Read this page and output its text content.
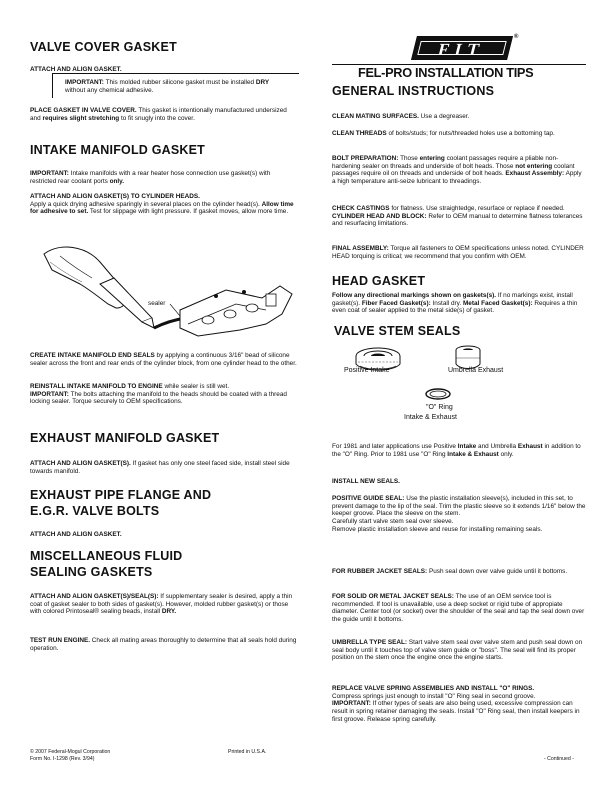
VALVE COVER GASKET
ATTACH AND ALIGN GASKET.

IMPORTANT: This molded rubber silicone gasket must be installed DRY without any chemical adhesive.

PLACE GASKET IN VALVE COVER. This gasket is intentionally manufactured undersized and requires slight stretching to fit snugly into the cover.

INTAKE MANIFOLD GASKET

IMPORTANT: Intake manifolds with a rear heater hose connection use gasket(s) with restricted rear coolant ports only.

ATTACH AND ALIGN GASKET(S) TO CYLINDER HEADS.
Apply a quick drying adhesive sparingly in several places on the cylinder head(s). Allow time for adhesive to set. Test for slippage with light pressure. If gasket moves, allow more time.

sealer

CREATE INTAKE MANIFOLD END SEALS by applying a continuous 3/16" bead of silicone sealer across the front and rear ends of the cylinder block, from one cylinder head to the other.

REINSTALL INTAKE MANIFOLD TO ENGINE while sealer is still wet.
IMPORTANT: The bolts attaching the manifold to the heads should be coated with a thread locking sealer. Torque securely to OEM specifications.

EXHAUST MANIFOLD GASKET

ATTACH AND ALIGN GASKET(S). If gasket has only one steel faced side, install steel side towards manifold.

EXHAUST PIPE FLANGE AND
E.G.R. VALVE BOLTS
ATTACH AND ALIGN GASKET.
MISCELLANEOUS FLUID
SEALING GASKETS

ATTACH AND ALIGN GASKET(S)/SEAL(S): If supplementary sealer is desired, apply a thin coat of gasket sealer to both sides of gasket(s). However, molded rubber gasket(s) or those with colored Printoseal® sealing beads, install DRY.

TEST RUN ENGINE. Check all mating areas thoroughly to determine that all seals hold during operation.

© 2007 Federal-Mogul Corporation
Form No. I-1298 (Rev. 3/94)
Printed in U.S.A.
FIT
®
FEL-PRO INSTALLATION TIPS
GENERAL INSTRUCTIONS

CLEAN MATING SURFACES. Use a degreaser.

CLEAN THREADS of bolts/studs; for nuts/threaded holes use a bottoming tap.

BOLT PREPARATION: Those entering coolant passages require a pliable non-hardening sealer on threads and underside of bolt heads. Those not entering coolant passages require oil on threads and underside of bolt heads. Exhaust Assembly: Apply a high temperature anti-seize lubricant to threadings.

CHECK CASTINGS for flatness. Use straightedge, resurface or replace if needed. CYLINDER HEAD AND BLOCK: Refer to OEM manual to determine flatness tolerances and resurfacing limitations.

FINAL ASSEMBLY: Torque all fasteners to OEM specifications unless noted. CYLINDER HEAD torquing is critical; we recommend that you confirm with OEM.

HEAD GASKET

Follow any directional markings shown on gaskets(s). If no markings exist, install gasket(s). Fiber Faced Gasket(s): Install dry. Metal Faced Gasket(s): Requires a thin even coat of sealer applied to the metal side(s) of gasket.

VALVE STEM SEALS
Positive Intake	Umbrella Exhaust
"O" Ring
Intake & Exhaust

For 1981 and later applications use Positive Intake and Umbrella Exhaust in addition to the "O" Ring. Prior to 1981 use "O" Ring Intake & Exhaust only.

INSTALL NEW SEALS.

POSITIVE GUIDE SEAL: Use the plastic installation sleeve(s), included in this set, to prevent damage to the lip of the seal. Trim the plastic sleeve so it extends 1/16" below the keeper groove. Place the sleeve on the stem.
Carefully start valve stem seal over sleeve.
Remove plastic installation sleeve and reuse for installing remaining seals.

FOR RUBBER JACKET SEALS: Push seal down over valve guide until it bottoms.

FOR SOLID OR METAL JACKET SEALS: The use of an OEM service tool is recommended. If tool is unavailable, use a deep socket or rigid tube of appropiate diameter. Center tool (or socket) over the shoulder of the seal and tap the seal down over the guide until it bottoms.

UMBRELLA TYPE SEAL: Start valve stem seal over valve stem and push seal down on seal body until it touches top of valve stem guide or "boss". The seal will find its proper position on the stem once the engine once the engine starts.

REPLACE VALVE SPRING ASSEMBLIES AND INSTALL "O" RINGS.
Compress springs just enough to install "O" Ring seal in second groove.
IMPORTANT: If other types of seals are also being used, excessive compression can result in spring retainer damaging the seals. Install "O" Ring seal, then install keepers in first groove. Release spring carefully.

- Continued -
